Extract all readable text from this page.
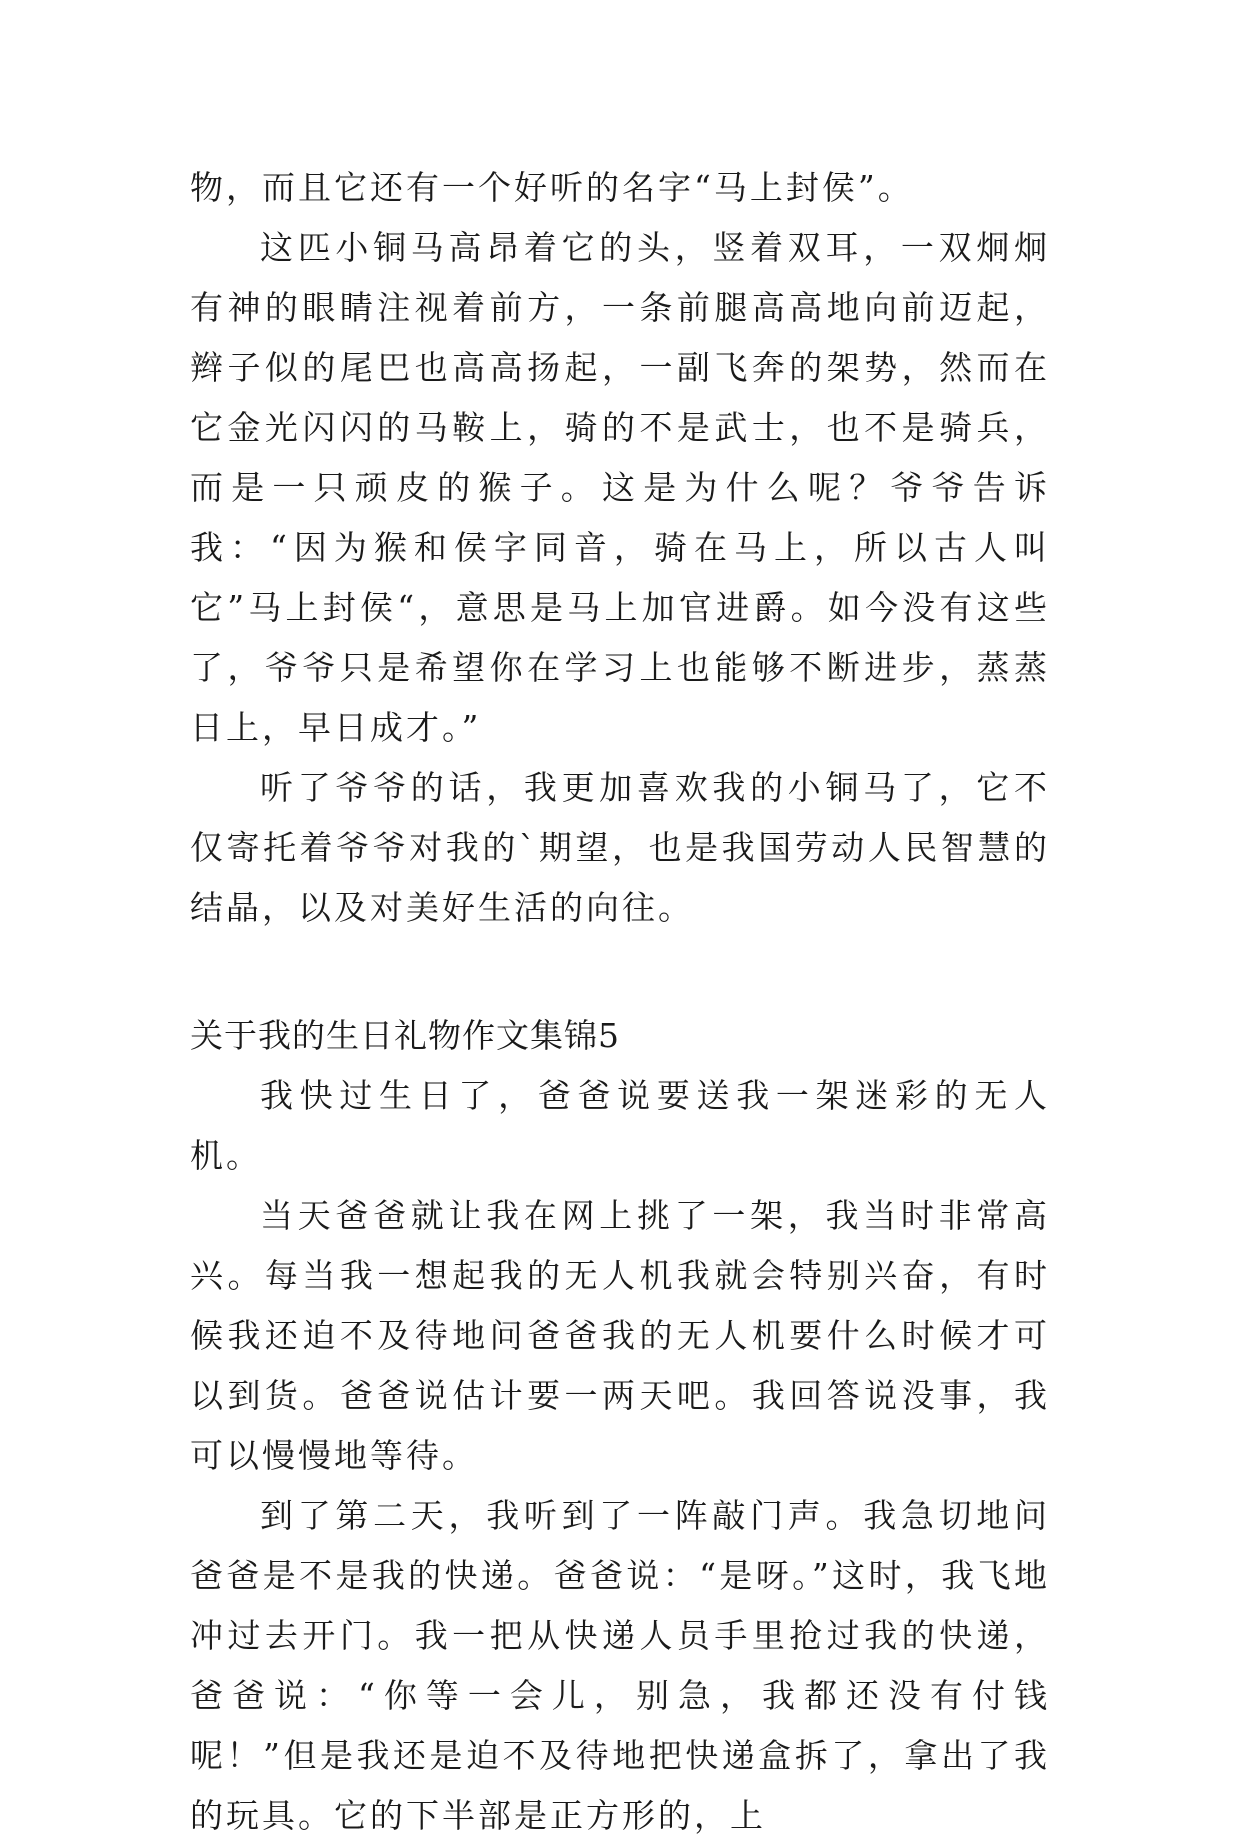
物，而且它还有一个好听的名字“马上封侯”。

这匹小铜马高昂着它的头，竖着双耳，一双炯炯有神的眼睛注视着前方，一条前腿高高地向前迈起，辫子似的尾巴也高高扬起，一副飞奔的架势，然而在它金光闪闪的马鞍上，骑的不是武士，也不是骑兵，而是一只顽皮的猴子。这是为什么呢？爷爷告诉我：“因为猴和侯字同音，骑在马上，所以古人叫它”马上封侯“，意思是马上加官进爵。如今没有这些了，爷爷只是希望你在学习上也能够不断进步，蒸蒸日上，早日成才。”

听了爷爷的话，我更加喜欢我的小铜马了，它不仅寄托着爷爷对我的`期望，也是我国劳动人民智慧的结晶，以及对美好生活的向往。

关于我的生日礼物作文集锦5

我快过生日了，爸爸说要送我一架迷彩的无人机。

当天爸爸就让我在网上挑了一架，我当时非常高兴。每当我一想起我的无人机我就会特别兴奋，有时候我还迫不及待地问爸爸我的无人机要什么时候才可以到货。爸爸说估计要一两天吧。我回答说没事，我可以慢慢地等待。

到了第二天，我听到了一阵敲门声。我急切地问爸爸是不是我的快递。爸爸说：“是呀。”这时，我飞地冲过去开门。我一把从快递人员手里抢过我的快递，爸爸说：“你等一会儿，别急，我都还没有付钱呢！”但是我还是迫不及待地把快递盒拆了，拿出了我的玩具。它的下半部是正方形的，上
